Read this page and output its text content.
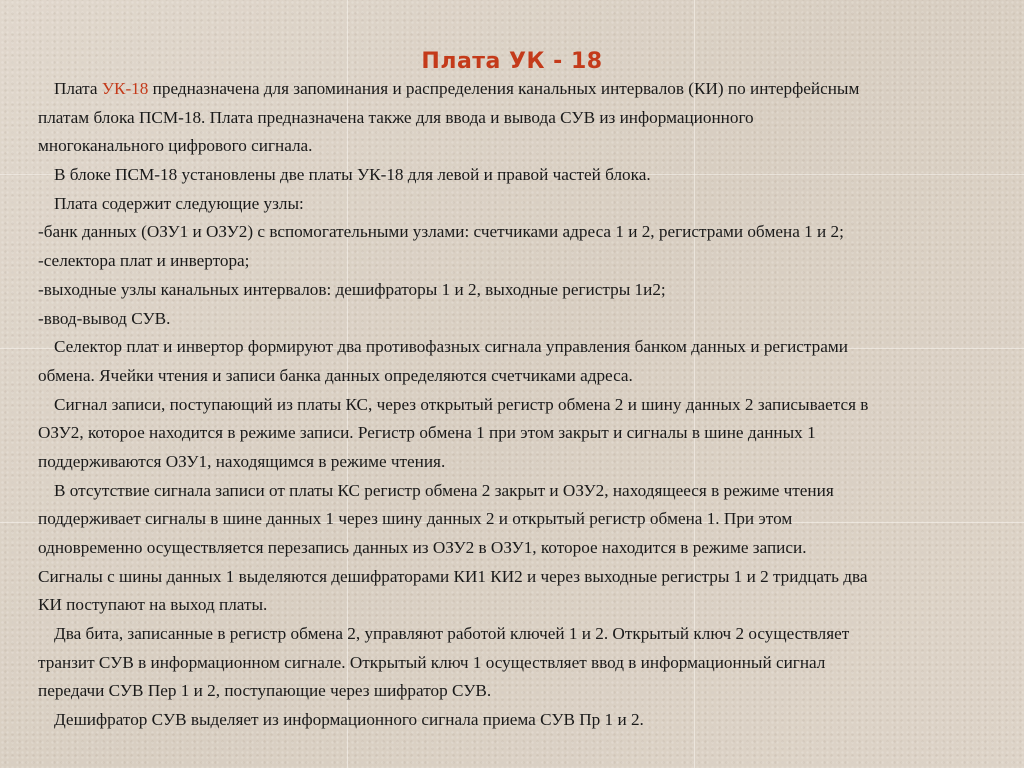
Плата УК - 18
Плата УК-18 предназначена для запоминания и распределения канальных интервалов (КИ) по интерфейсным
платам блока ПСМ-18. Плата предназначена также для ввода и вывода СУВ из информационного
многоканального цифрового сигнала.
В блоке ПСМ-18 установлены две платы УК-18 для левой и правой частей блока.
Плата содержит следующие узлы:
-банк данных (ОЗУ1 и ОЗУ2) с вспомогательными узлами: счетчиками адреса 1 и 2, регистрами обмена 1 и 2;
-селектора плат и инвертора;
-выходные узлы канальных интервалов: дешифраторы 1 и 2, выходные регистры 1и2;
-ввод-вывод СУВ.
Селектор плат и инвертор формируют два противофазных сигнала управления банком данных и регистрами
обмена. Ячейки чтения и записи банка данных определяются счетчиками адреса.
Сигнал записи, поступающий из платы КС, через открытый регистр обмена 2 и шину данных 2 записывается в
ОЗУ2, которое находится в режиме записи. Регистр обмена 1 при этом закрыт и сигналы в шине данных 1
поддерживаются ОЗУ1, находящимся в режиме чтения.
В отсутствие сигнала записи от платы КС регистр обмена 2 закрыт и ОЗУ2, находящееся в режиме чтения
поддерживает сигналы в шине данных 1 через шину данных 2 и открытый регистр обмена 1. При этом
одновременно осуществляется перезапись данных из ОЗУ2 в ОЗУ1, которое находится в режиме записи.
Сигналы с шины данных 1 выделяются дешифраторами КИ1 КИ2 и через выходные регистры 1 и 2 тридцать два
КИ поступают на выход платы.
Два бита, записанные в регистр обмена 2, управляют работой ключей 1 и 2. Открытый ключ 2 осуществляет
транзит СУВ в информационном сигнале. Открытый ключ 1 осуществляет ввод в информационный сигнал
передачи СУВ Пер 1 и 2, поступающие через шифратор СУВ.
Дешифратор СУВ выделяет из информационного сигнала приема СУВ Пр 1 и 2.
